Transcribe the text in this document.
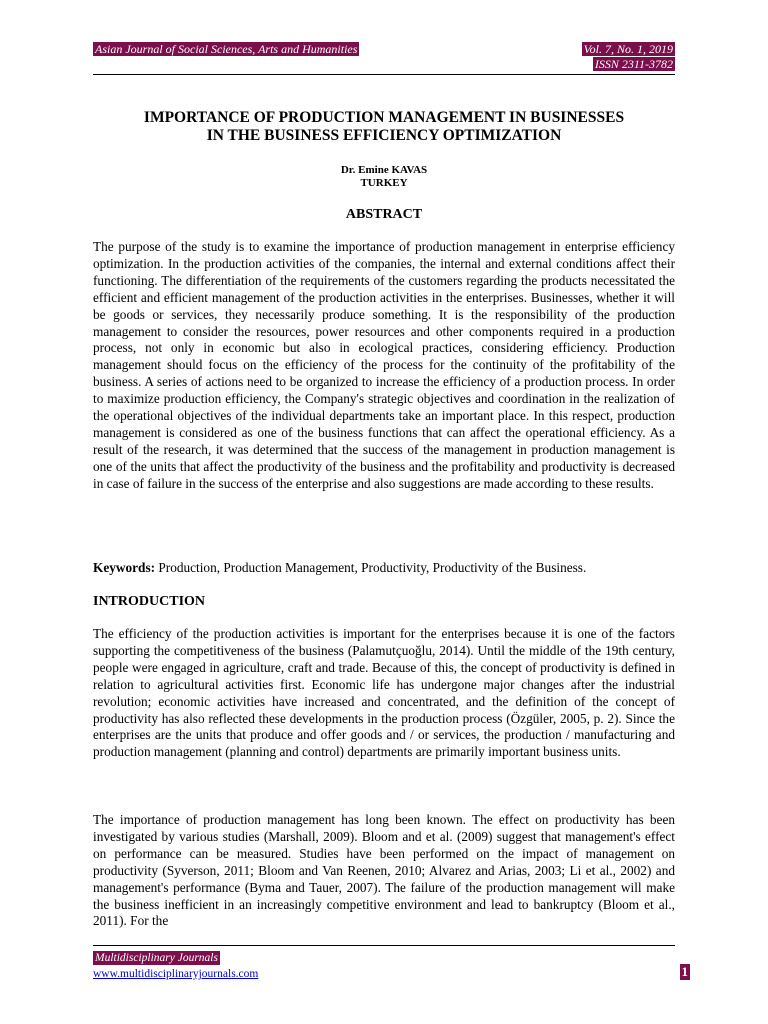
Asian Journal of Social Sciences, Arts and Humanities	Vol. 7, No. 1, 2019
ISSN 2311-3782
IMPORTANCE OF PRODUCTION MANAGEMENT IN BUSINESSES
IN THE BUSINESS EFFICIENCY OPTIMIZATION
Dr. Emine KAVAS
TURKEY
ABSTRACT

The purpose of the study is to examine the importance of production management in enterprise efficiency optimization. In the production activities of the companies, the internal and external conditions affect their functioning. The differentiation of the requirements of the customers regarding the products necessitated the efficient and efficient management of the production activities in the enterprises. Businesses, whether it will be goods or services, they necessarily produce something. It is the responsibility of the production management to consider the resources, power resources and other components required in a production process, not only in economic but also in ecological practices, considering efficiency. Production management should focus on the efficiency of the process for the continuity of the profitability of the business. A series of actions need to be organized to increase the efficiency of a production process. In order to maximize production efficiency, the Company's strategic objectives and coordination in the realization of the operational objectives of the individual departments take an important place. In this respect, production management is considered as one of the business functions that can affect the operational efficiency. As a result of the research, it was determined that the success of the management in production management is one of the units that affect the productivity of the business and the profitability and productivity is decreased in case of failure in the success of the enterprise and also suggestions are made according to these results.

Keywords: Production, Production Management, Productivity, Productivity of the Business.
INTRODUCTION

The efficiency of the production activities is important for the enterprises because it is one of the factors supporting the competitiveness of the business (Palamutçuoğlu, 2014). Until the middle of the 19th century, people were engaged in agriculture, craft and trade. Because of this, the concept of productivity is defined in relation to agricultural activities first. Economic life has undergone major changes after the industrial revolution; economic activities have increased and concentrated, and the definition of the concept of productivity has also reflected these developments in the production process (Özgüler, 2005, p. 2). Since the enterprises are the units that produce and offer goods and / or services, the production / manufacturing and production management (planning and control) departments are primarily important business units.

The importance of production management has long been known. The effect on productivity has been investigated by various studies (Marshall, 2009). Bloom and et al. (2009) suggest that management's effect on performance can be measured. Studies have been performed on the impact of management on productivity (Syverson, 2011; Bloom and Van Reenen, 2010; Alvarez and Arias, 2003; Li et al., 2002) and management's performance (Byma and Tauer, 2007). The failure of the production management will make the business inefficient in an increasingly competitive environment and lead to bankruptcy (Bloom et al., 2011). For the

Multidisciplinary Journals
www.multidisciplinaryjournals.com	1
